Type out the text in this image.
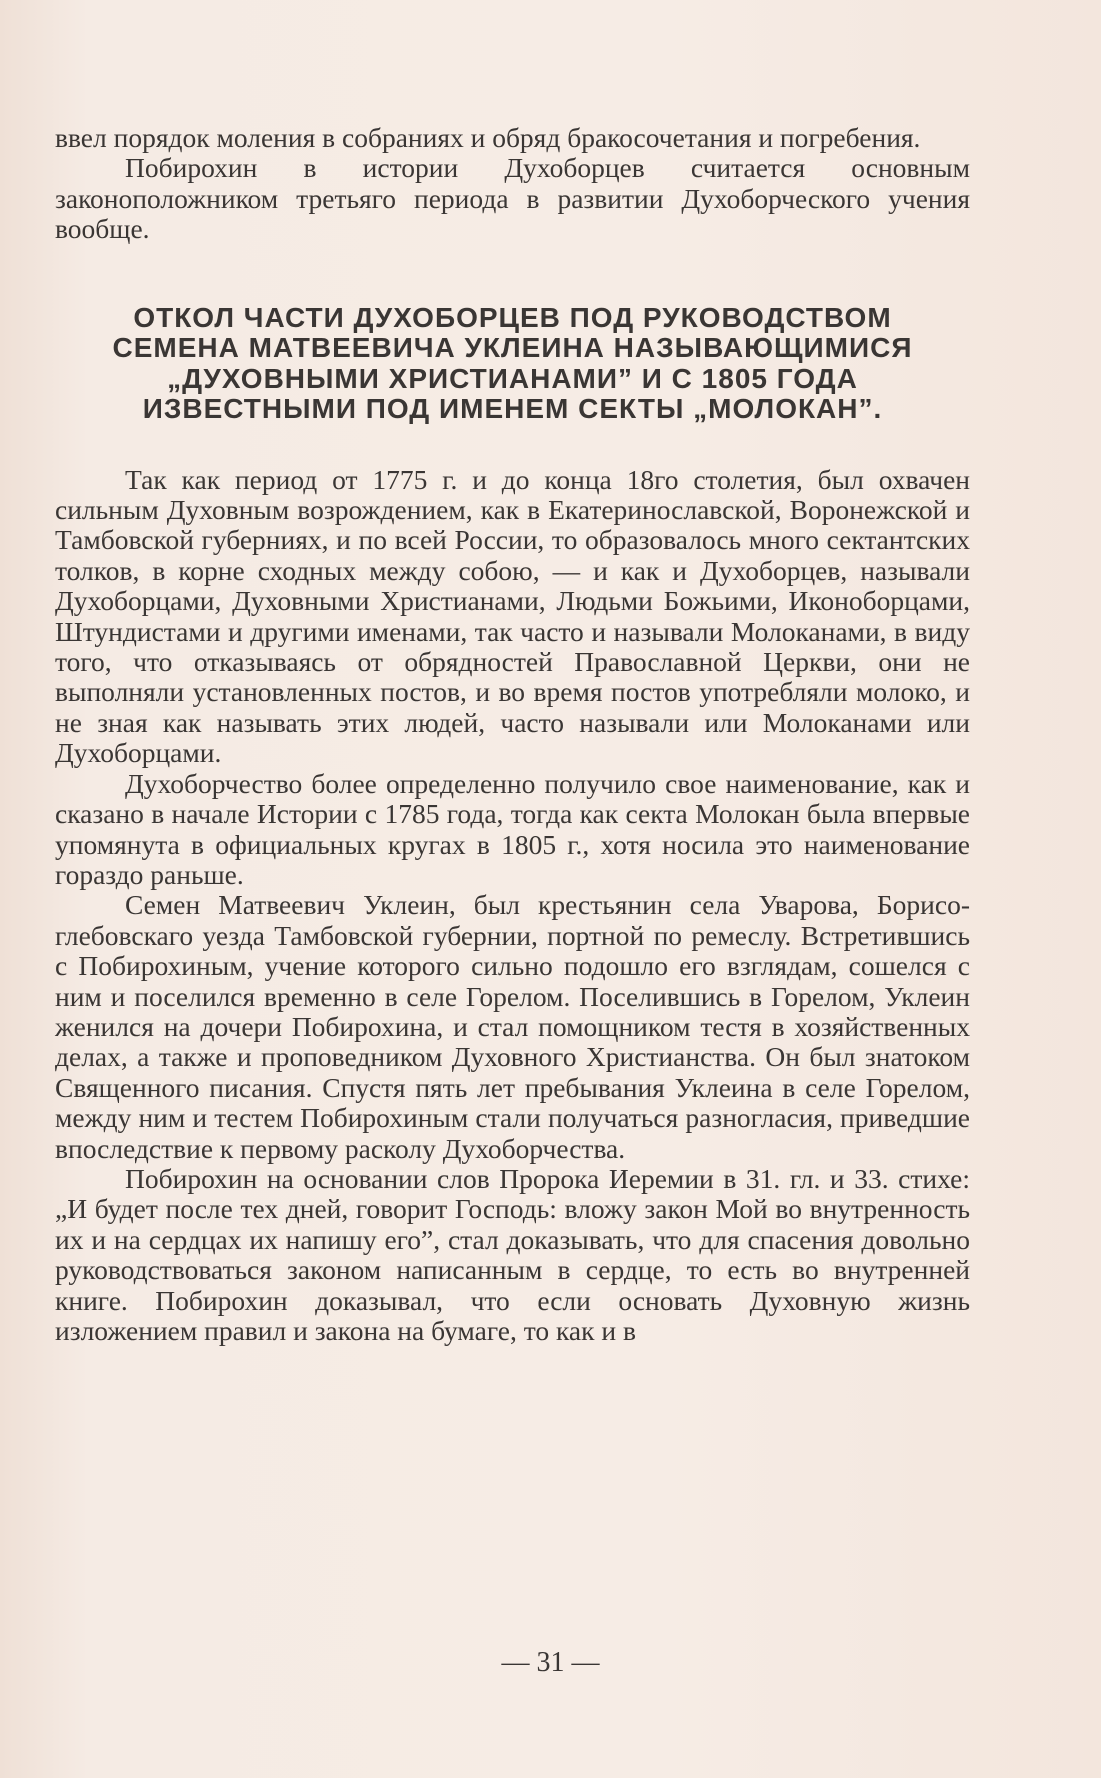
ввел порядок моления в собраниях и обряд бракосочетания и погребения.

Побирохин в истории Духоборцев считается основным законоположником третьяго периода в развитии Духоборческого учения вообще.

ОТКОЛ ЧАСТИ ДУХОБОРЦЕВ ПОД РУКОВОДСТВОМ
СЕМЕНА МАТВЕЕВИЧА УКЛЕИНА НАЗЫВАЮЩИМИСЯ
„ДУХОВНЫМИ ХРИСТИАНАМИ” И С 1805 ГОДА
ИЗВЕСТНЫМИ ПОД ИМЕНЕМ СЕКТЫ „МОЛОКАН”.

Так как период от 1775 г. и до конца 18го столетия, был охвачен сильным Духовным возрождением, как в Екатеринославской, Воронежской и Тамбовской губерниях, и по всей России, то образовалось много сектантских толков, в корне сходных между собою, — и как и Духоборцев, называли Духоборцами, Духовными Христианами, Людьми Божьими, Иконоборцами, Штундистами и другими именами, так часто и называли Молоканами, в виду того, что отказываясь от обрядностей Православной Церкви, они не выполняли установленных постов, и во время постов употребляли молоко, и не зная как называть этих людей, часто называли или Молоканами или Духоборцами.

Духоборчество более определенно получило свое наименование, как и сказано в начале Истории с 1785 года, тогда как секта Молокан была впервые упомянута в официальных кругах в 1805 г., хотя носила это наименование гораздо раньше.

Семен Матвеевич Уклеин, был крестьянин села Уварова, Борисо-глебовскаго уезда Тамбовской губернии, портной по ремеслу. Встретившись с Побирохиным, учение которого сильно подошло его взглядам, сошелся с ним и поселился временно в селе Горелом. Поселившись в Горелом, Уклеин женился на дочери Побирохина, и стал помощником тестя в хозяйственных делах, а также и проповедником Духовного Христианства. Он был знатоком Священного писания. Спустя пять лет пребывания Уклеина в селе Горелом, между ним и тестем Побирохиным стали получаться разногласия, приведшие впоследствие к первому расколу Духоборчества.

Побирохин на основании слов Пророка Иеремии в 31. гл. и 33. стихе: „И будет после тех дней, говорит Господь: вложу закон Мой во внутренность их и на сердцах их напишу его”, стал доказывать, что для спасения довольно руководствоваться законом написанным в сердце, то есть во внутренней книге. Побирохин доказывал, что если основать Духовную жизнь изложением правил и закона на бумаге, то как и в

— 31 —
